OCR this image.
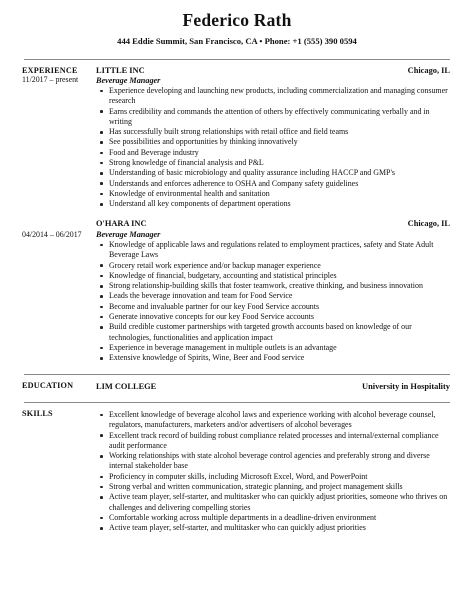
Federico Rath
444 Eddie Summit, San Francisco, CA • Phone: +1 (555) 390 0594
EXPERIENCE
11/2017 – present
LITTLE INC	Chicago, IL
Beverage Manager
Experience developing and launching new products, including commercialization and managing consumer research
Earns credibility and commands the attention of others by effectively communicating verbally and in writing
Has successfully built strong relationships with retail office and field teams
See possibilities and opportunities by thinking innovatively
Food and Beverage industry
Strong knowledge of financial analysis and P&L
Understanding of basic microbiology and quality assurance including HACCP and GMP's
Understands and enforces adherence to OSHA and Company safety guidelines
Knowledge of environmental health and sanitation
Understand all key components of department operations
04/2014 – 06/2017
O'HARA INC	Chicago, IL
Beverage Manager
Knowledge of applicable laws and regulations related to employment practices, safety and State Adult Beverage Laws
Grocery retail work experience and/or backup manager experience
Knowledge of financial, budgetary, accounting and statistical principles
Strong relationship-building skills that foster teamwork, creative thinking, and business innovation
Leads the beverage innovation and team for Food Service
Become and invaluable partner for our key Food Service accounts
Generate innovative concepts for our key Food Service accounts
Build credible customer partnerships with targeted growth accounts based on knowledge of our technologies, functionalities and application impact
Experience in beverage management in multiple outlets is an advantage
Extensive knowledge of Spirits, Wine, Beer and Food service
EDUCATION	LIM COLLEGE	University in Hospitality
SKILLS	Excellent knowledge of beverage alcohol laws and experience working with alcohol beverage counsel, regulators, manufacturers, marketers and/or advertisers of alcohol beverages
Excellent track record of building robust compliance related processes and internal/external compliance audit performance
Working relationships with state alcohol beverage control agencies and preferably strong and diverse internal stakeholder base
Proficiency in computer skills, including Microsoft Excel, Word, and PowerPoint
Strong verbal and written communication, strategic planning, and project management skills
Active team player, self-starter, and multitasker who can quickly adjust priorities, someone who thrives on challenges and delivering compelling stories
Comfortable working across multiple departments in a deadline-driven environment
Active team player, self-starter, and multitasker who can quickly adjust priorities
